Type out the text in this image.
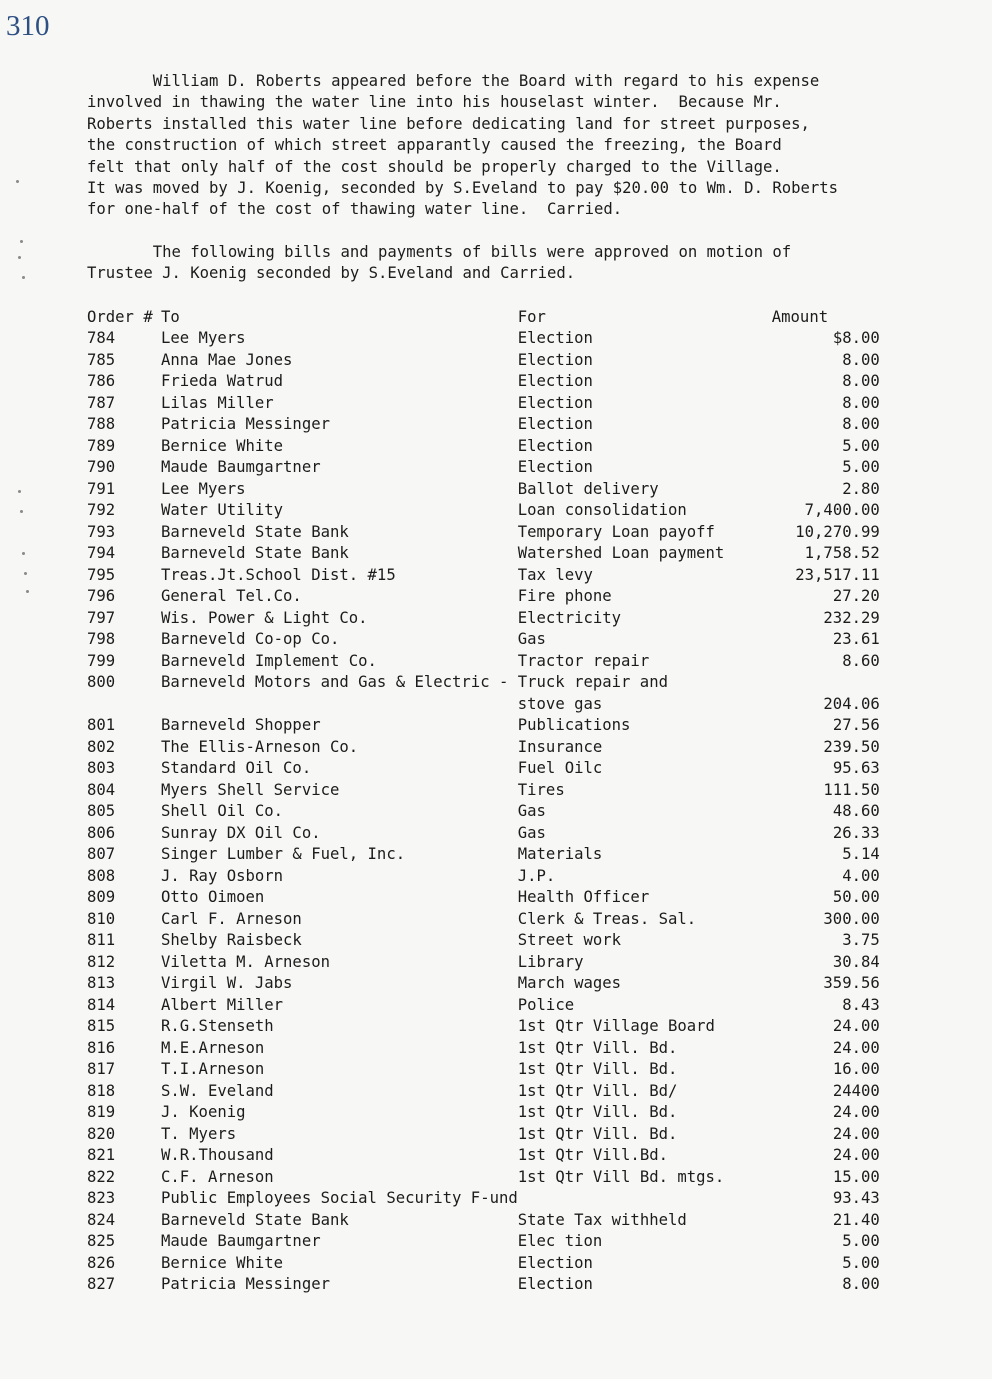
310

William D. Roberts appeared before the Board with regard to his expense

involved in thawing the water line into his houselast winter.  Because Mr.

Roberts installed this water line before dedicating land for street purposes,

the construction of which street apparantly caused the freezing, the Board

felt that only half of the cost should be properly charged to the Village.

It was moved by J. Koenig, seconded by S.Eveland to pay $20.00 to Wm. D. Roberts

for one-half of the cost of thawing water line.  Carried.

The following bills and payments of bills were approved on motion of

Trustee J. Koenig seconded by S.Eveland and Carried.

Order #	To	For	Amount
784	Lee Myers	Election	$8.00
785	Anna Mae Jones	Election	8.00
786	Frieda Watrud	Election	8.00
787	Lilas Miller	Election	8.00
788	Patricia Messinger	Election	8.00
789	Bernice White	Election	5.00
790	Maude Baumgartner	Election	5.00
791	Lee Myers	Ballot delivery	2.80
792	Water Utility	Loan consolidation	7,400.00
793	Barneveld State Bank	Temporary Loan payoff	10,270.99
794	Barneveld State Bank	Watershed Loan payment	1,758.52
795	Treas.Jt.School Dist. #15	Tax levy	23,517.11
796	General Tel.Co.	Fire phone	27.20
797	Wis. Power & Light Co.	Electricity	232.29
798	Barneveld Co-op Co.	Gas	23.61
799	Barneveld Implement Co.	Tractor repair	8.60
800	Barneveld Motors and Gas & Electric - Truck repair and		
		stove gas	204.06
801	Barneveld Shopper	Publications	27.56
802	The Ellis-Arneson Co.	Insurance	239.50
803	Standard Oil Co.	Fuel Oilc	95.63
804	Myers Shell Service	Tires	111.50
805	Shell Oil Co.	Gas	48.60
806	Sunray DX Oil Co.	Gas	26.33
807	Singer Lumber & Fuel, Inc.	Materials	5.14
808	J. Ray Osborn	J.P.	4.00
809	Otto Oimoen	Health Officer	50.00
810	Carl F. Arneson	Clerk & Treas. Sal.	300.00
811	Shelby Raisbeck	Street work	3.75
812	Viletta M. Arneson	Library	30.84
813	Virgil W. Jabs	March wages	359.56
814	Albert Miller	Police	8.43
815	R.G.Stenseth	1st Qtr Village Board	24.00
816	M.E.Arneson	1st Qtr Vill. Bd.	24.00
817	T.I.Arneson	1st Qtr Vill. Bd.	16.00
818	S.W. Eveland	1st Qtr Vill. Bd/	24400
819	J. Koenig	1st Qtr Vill. Bd.	24.00
820	T. Myers	1st Qtr Vill. Bd.	24.00
821	W.R.Thousand	1st Qtr Vill.Bd.	24.00
822	C.F. Arneson	1st Qtr Vill Bd. mtgs.	15.00
823	Public Employees Social Security F-und		93.43
824	Barneveld State Bank	State Tax withheld	21.40
825	Maude Baumgartner	Elec tion	5.00
826	Bernice White	Election	5.00
827	Patricia Messinger	Election	8.00
